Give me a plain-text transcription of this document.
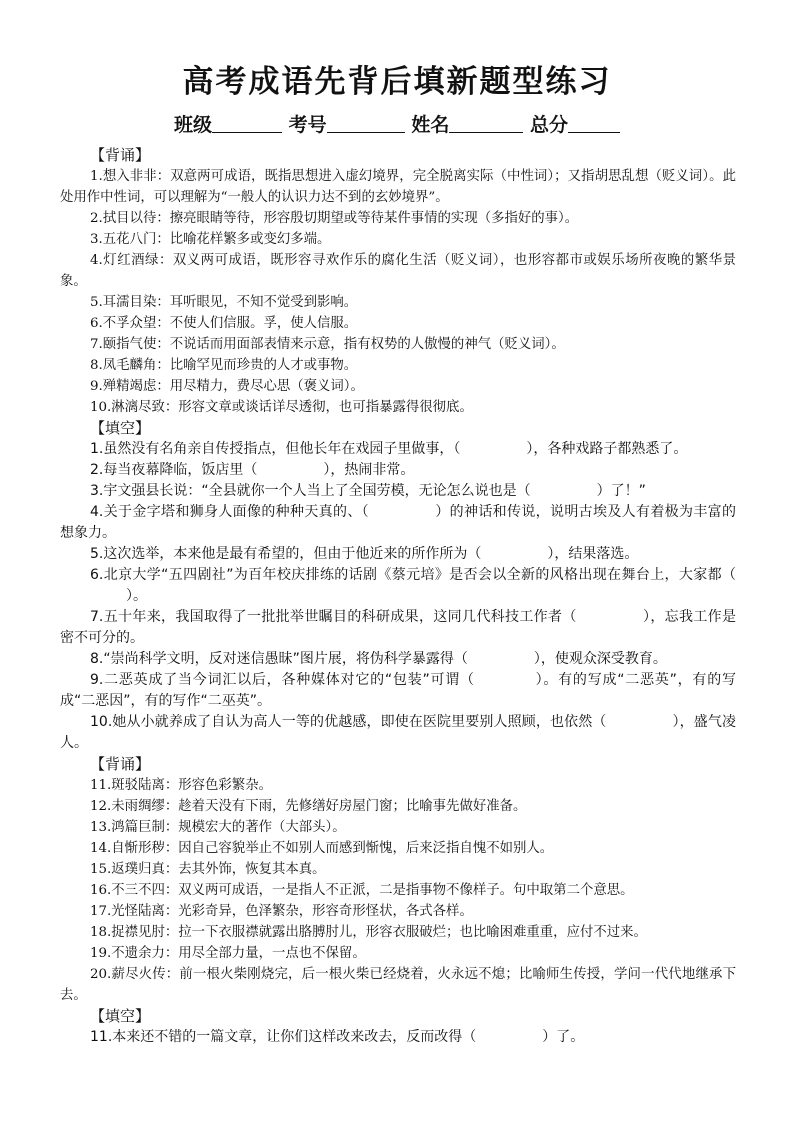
高考成语先背后填新题型练习
班级	考号	姓名	总分
【背诵】
1.想入非非：双意两可成语，既指思想进入虚幻境界，完全脱离实际（中性词）；又指胡思乱想（贬义词）。此处用作中性词，可以理解为“一般人的认识力达不到的玄妙境界”。
2.拭目以待：擦亮眼睛等待，形容殷切期望或等待某件事情的实现（多指好的事）。
3.五花八门：比喻花样繁多或变幻多端。
4.灯红酒绿：双义两可成语，既形容寻欢作乐的腐化生活（贬义词），也形容都市或娱乐场所夜晚的繁华景象。
5.耳濡目染：耳听眼见，不知不觉受到影响。
6.不孚众望：不使人们信服。孚，使人信服。
7.颐指气使：不说话而用面部表情来示意，指有权势的人傲慢的神气（贬义词）。
8.凤毛麟角：比喻罕见而珍贵的人才或事物。
9.殚精竭虑：用尽精力，费尽心思（褒义词）。
10.淋漓尽致：形容文章或谈话详尽透彻，也可指暴露得很彻底。
【填空】
1.虽然没有名角亲自传授指点，但他长年在戏园子里做事，（	），各种戏路子都熟悉了。
2.每当夜幕降临，饭店里（	），热闹非常。
3.宇文强县长说：“全县就你一个人当上了全国劳模，无论怎么说也是（	）了！”
4.关于金字塔和狮身人面像的种种天真的、（	）的神话和传说，说明古埃及人有着极为丰富的想象力。
5.这次选举，本来他是最有希望的，但由于他近来的所作所为（	），结果落选。
6.北京大学“五四剧社”为百年校庆排练的话剧《蔡元培》是否会以全新的风格出现在舞台上，大家都（）。
7.五十年来，我国取得了一批批举世瞩目的科研成果，这同几代科技工作者（	），忘我工作是密不可分的。
8.“崇尚科学文明，反对迷信愚昧”图片展，将伪科学暴露得（	），使观众深受教育。
9.二恶英成了当今词汇以后，各种媒体对它的“包装”可谓（	）。有的写成“二恶英”，有的写成“二恶因”，有的写作“二巫英”。
10.她从小就养成了自认为高人一等的优越感，即使在医院里要别人照顾，也依然（	），盛气凌人。
【背诵】
11.斑驳陆离：形容色彩繁杂。
12.未雨绸缪：趁着天没有下雨，先修缮好房屋门窗；比喻事先做好准备。
13.鸿篇巨制：规模宏大的著作（大部头）。
14.自惭形秽：因自己容貌举止不如别人而感到惭愧，后来泛指自愧不如别人。
15.返璞归真：去其外饰，恢复其本真。
16.不三不四：双义两可成语，一是指人不正派，二是指事物不像样子。句中取第二个意思。
17.光怪陆离：光彩奇异，色泽繁杂，形容奇形怪状，各式各样。
18.捉襟见肘：拉一下衣服襟就露出胳膊肘儿，形容衣服破烂；也比喻困难重重，应付不过来。
19.不遗余力：用尽全部力量，一点也不保留。
20.薪尽火传：前一根火柴刚烧完，后一根火柴已经烧着，火永远不熄；比喻师生传授，学问一代代地继承下去。
【填空】
11.本来还不错的一篇文章，让你们这样改来改去，反而改得（	）了。
